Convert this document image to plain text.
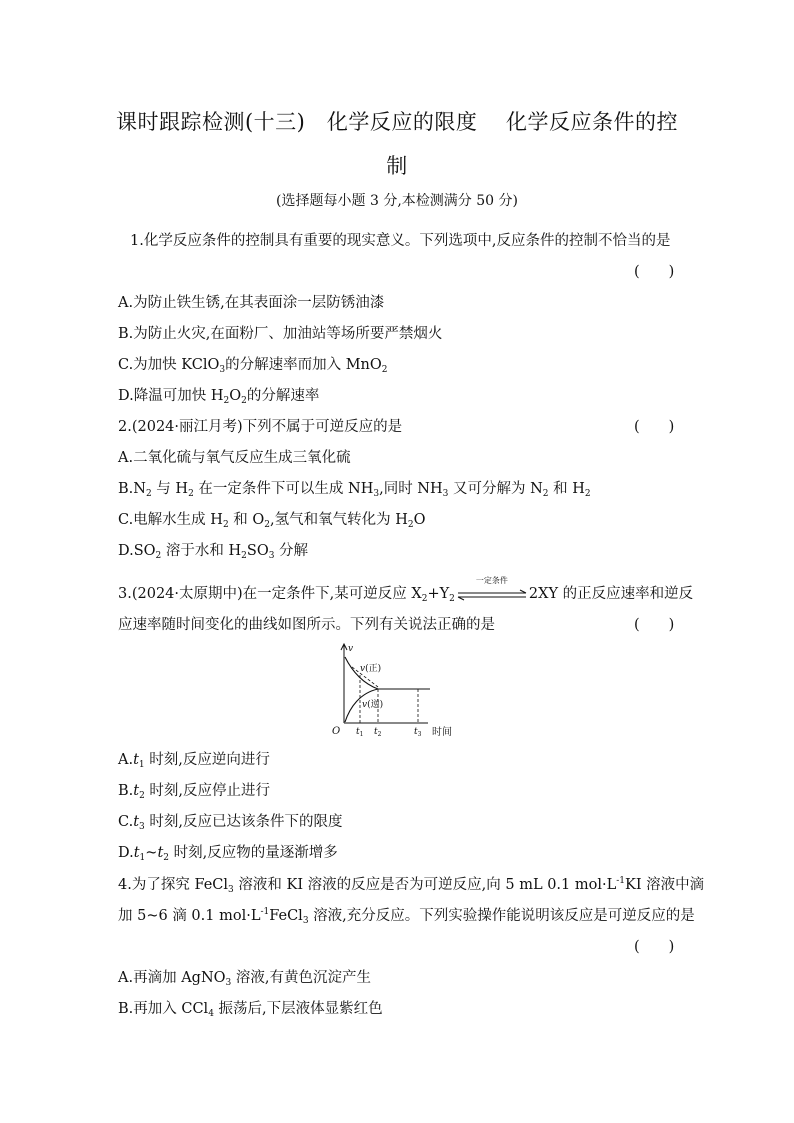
课时跟踪检测(十三)　化学反应的限度　 化学反应条件的控
制
(选择题每小题 3 分,本检测满分 50 分)
1.化学反应条件的控制具有重要的现实意义。下列选项中,反应条件的控制不恰当的是
(　　)
A.为防止铁生锈,在其表面涂一层防锈油漆
B.为防止火灾,在面粉厂、加油站等场所要严禁烟火
C.为加快 KClO$_3$的分解速率而加入 MnO$_2$
D.降温可加快 $H_2O_2$的分解速率
2.(2024·丽江月考)下列不属于可逆反应的是	(　　)
A.二氧化硫与氧气反应生成三氧化硫
$B.N_2$ 与 $H_2$ 在一定条件下可以生成 $NH_3$,同时 $NH_3$ 又可分解为 $N_2$ 和 $H_2$
C.电解水生成 $H_2$ 和 $O_2$,氢气和氧气转化为 $H_2O$
$D.SO_2$ 溶于水和 $H_2SO_3$ 分解
3.(2024·太原期中)在一定条件下,某可逆反应 $X_2+Y_2$
一定条件
2XY 的正反应速率和逆反
应速率随时间变化的曲线如图所示。下列有关说法正确的是	(　　)
v
O	时间
v(正)
v(逆)
$t_1$ $t_2$	$t_3$
$A.t_1$ 时刻,反应逆向进行
$B.t_2$ 时刻,反应停止进行
$C.t_3$ 时刻,反应已达该条件下的限度
$D.t_1\sim t_2$ 时刻,反应物的量逐渐增多
4.为了探究 FeCl$_3$ 溶液和 KI 溶液的反应是否为可逆反应,向 5 mL 0.1 $mol\cdot L^{-1}KI$ 溶液中滴
加 5~6 滴 0.1 $mol\cdot L^{-1}FeCl_3$ 溶液,充分反应。下列实验操作能说明该反应是可逆反应的是
(　　)
A.再滴加 AgNO$_3$ 溶液,有黄色沉淀产生
B.再加入 CCl$_4$ 振荡后,下层液体显紫红色
